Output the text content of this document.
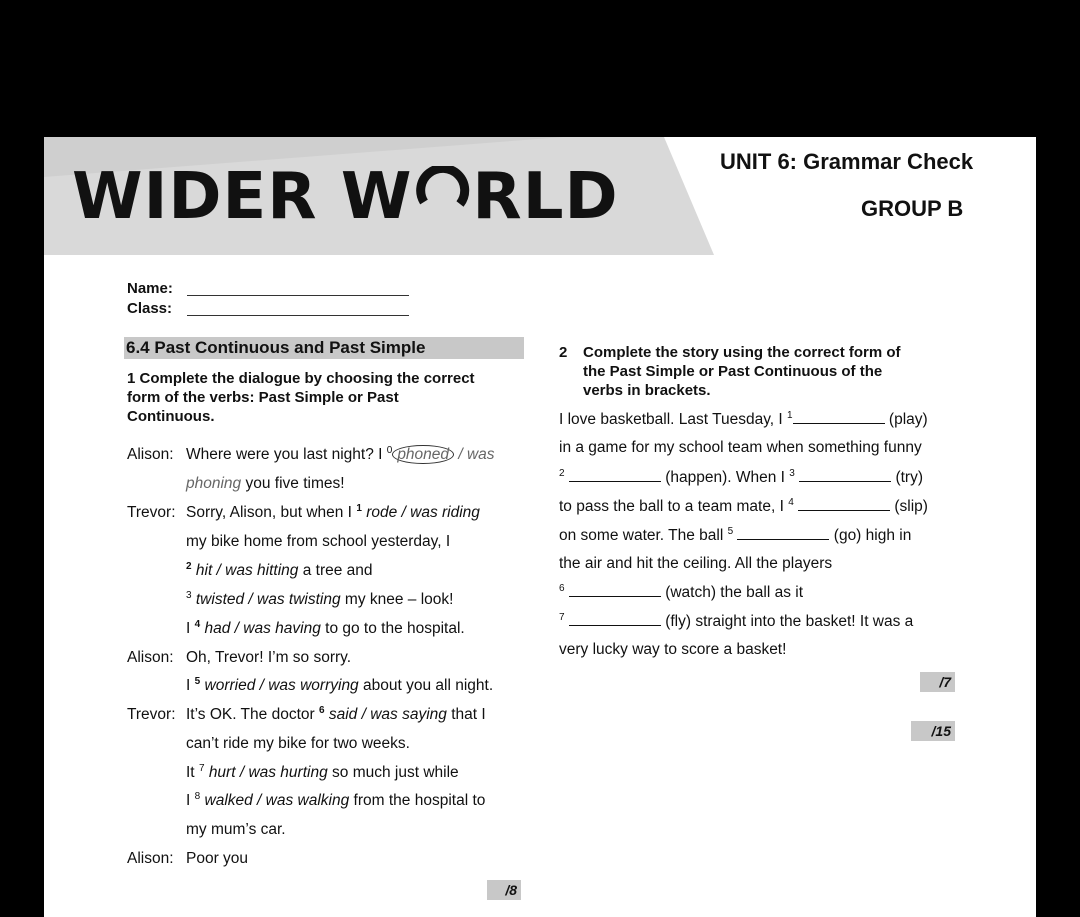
WIDER W RLD	UNIT 6: Grammar Check
GROUP B
Name:
Class:
6.4 Past Continuous and Past Simple
1 Complete the dialogue by choosing the correct
form of the verbs: Past Simple or Past
Continuous.
Alison: Where were you last night? I $^0$ phoned / was
phoning you five times!
Trevor: Sorry, Alison, but when I $^1$ rode / was riding
my bike home from school yesterday, I
$^2$ hit / was hitting a tree and
$^3$ twisted / was twisting my knee – look!
I $^4$ had / was having to go to the hospital.
Alison: Oh, Trevor! I’m so sorry.
I $^5$ worried / was worrying about you all night.
Trevor: It’s OK. The doctor $^6$ said / was saying that I
can’t ride my bike for two weeks.
It $^7$ hurt / was hurting so much just while
I $^8$ walked / was walking from the hospital to
my mum’s car.
Alison: Poor you
/8
2 Complete the story using the correct form of
the Past Simple or Past Continuous of the
verbs in brackets.
I love basketball. Last Tuesday, I $^1$	(play)
in a game for my school team when something funny
$^2$	(happen). When I $^3$	(try)
to pass the ball to a team mate, I $^4$	(slip)
on some water. The ball $^5$	(go) high in
the air and hit the ceiling. All the players
$^6$	(watch) the ball as it
$^7$	(fly) straight into the basket! It was a
very lucky way to score a basket!
/7
/15
